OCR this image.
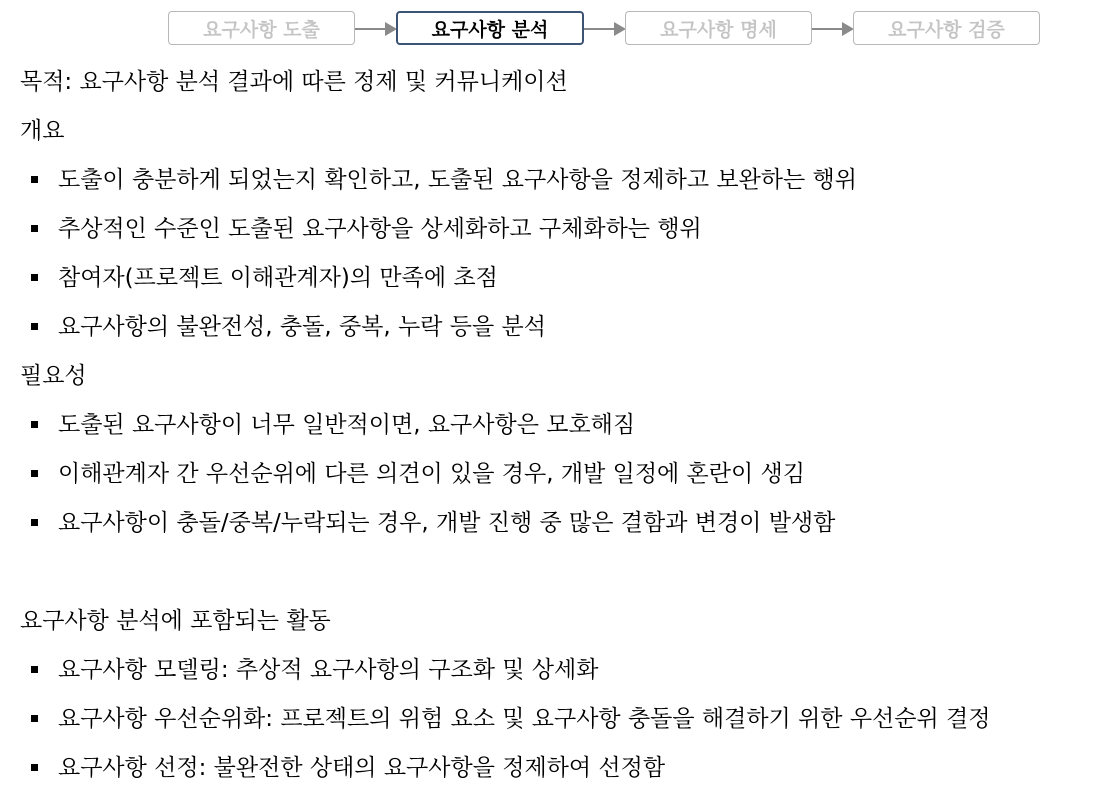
요구사항 도출	요구사항 분석	요구사항 명세	요구사항 검증
목적: 요구사항 분석 결과에 따른 정제 및 커뮤니케이션
개요
도출이 충분하게 되었는지 확인하고, 도출된 요구사항을 정제하고 보완하는 행위
추상적인 수준인 도출된 요구사항을 상세화하고 구체화하는 행위
참여자(프로젝트 이해관계자)의 만족에 초점
요구사항의 불완전성, 충돌, 중복, 누락 등을 분석
필요성
도출된 요구사항이 너무 일반적이면, 요구사항은 모호해짐
이해관계자 간 우선순위에 다른 의견이 있을 경우, 개발 일정에 혼란이 생김
요구사항이 충돌/중복/누락되는 경우, 개발 진행 중 많은 결함과 변경이 발생함
요구사항 분석에 포함되는 활동
요구사항 모델링: 추상적 요구사항의 구조화 및 상세화
요구사항 우선순위화: 프로젝트의 위험 요소 및 요구사항 충돌을 해결하기 위한 우선순위 결정
요구사항 선정: 불완전한 상태의 요구사항을 정제하여 선정함
